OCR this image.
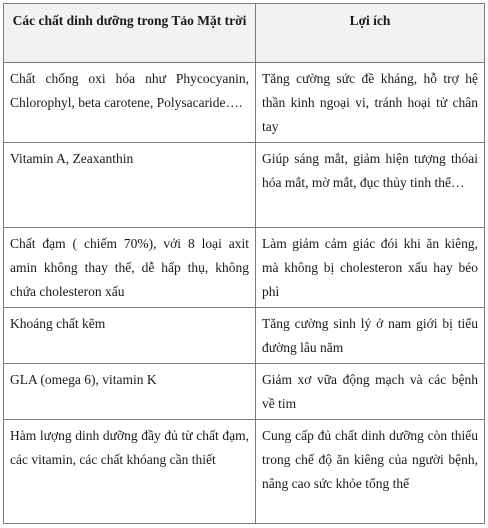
Các chất dinh dưỡng trong Tảo Mặt trời	Lợi ích
Chất chống oxi hóa như Phycocyanin, Chlorophyl, beta carotene, Polysacaride….	Tăng cường sức đề kháng, hỗ trợ hệ thần kinh ngoại vi, tránh hoại tử chân tay
Vitamin A, Zeaxanthin	Giúp sáng mắt, giảm hiện tượng thóai hóa mắt, mờ mắt, đục thủy tinh thể…
Chất đạm ( chiếm 70%), với 8 loại axit amin không thay thế, dễ hấp thụ, không chứa cholesteron xấu	Làm giảm cảm giác đói khi ăn kiêng, mà không bị cholesteron xấu hay béo phì
Khoáng chất kẽm	Tăng cường sinh lý ở nam giới bị tiểu đường lâu năm
GLA (omega 6), vitamin K	Giảm xơ vữa động mạch và các bệnh về tim
Hàm lượng dinh dưỡng đầy đủ từ chất đạm, các vitamin, các chất khóang cần thiết	Cung cấp đủ chất dinh dưỡng còn thiếu trong chế độ ăn kiêng của người bệnh, nâng cao sức khỏe tổng thể
